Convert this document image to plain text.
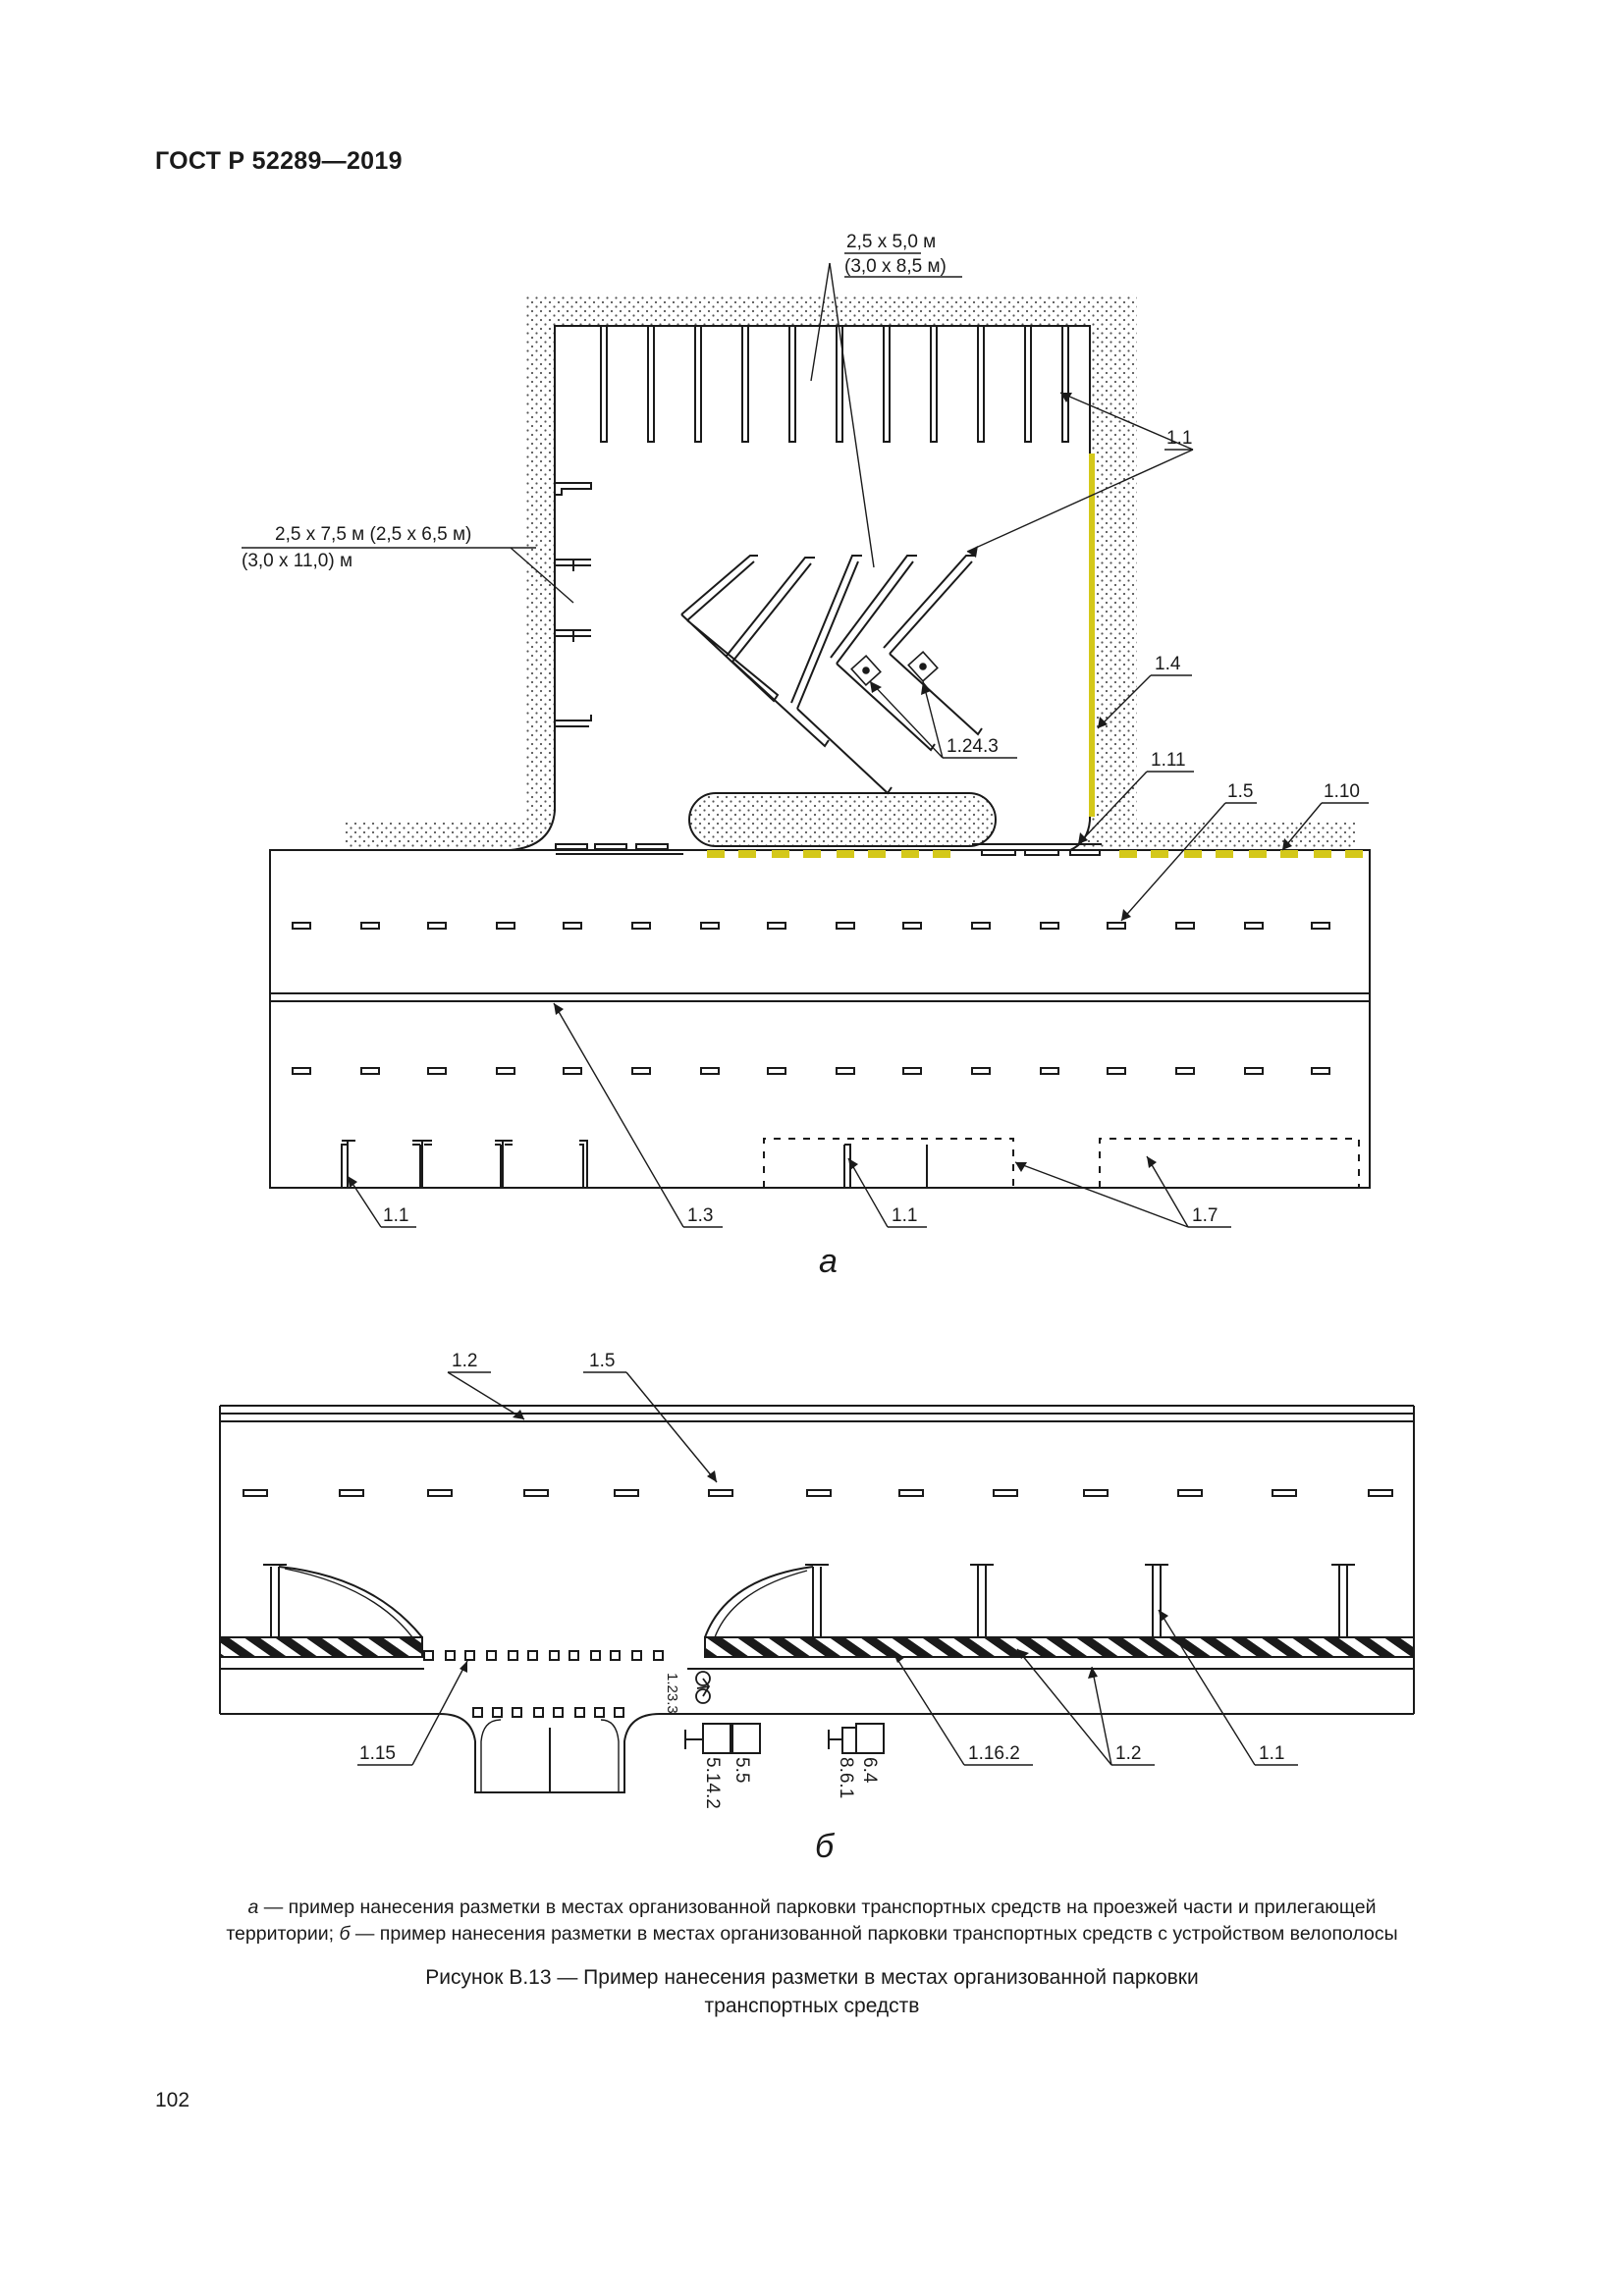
ГОСТ Р 52289—2019
2,5 х 5,0 м
(3,0 х 8,5 м)
2,5 х 7,5 м (2,5 х 6,5 м)
(3,0 х 11,0) м
1.1
1.4
1.24.3
1.11
1.5	1.10
1.1	1.3	1.1	1.7
а
1.2	1.5
1.15	1.16.2	1.2	1.1
1.23.3
5.14.2 5.5	8.6.1 6.4
б
а — пример нанесения разметки в местах организованной парковки транспортных средств на проезжей части и прилегающей территории; б — пример нанесения разметки в местах организованной парковки транспортных средств с устройством велополосы
Рисунок В.13 — Пример нанесения разметки в местах организованной парковки
транспортных средств
102
